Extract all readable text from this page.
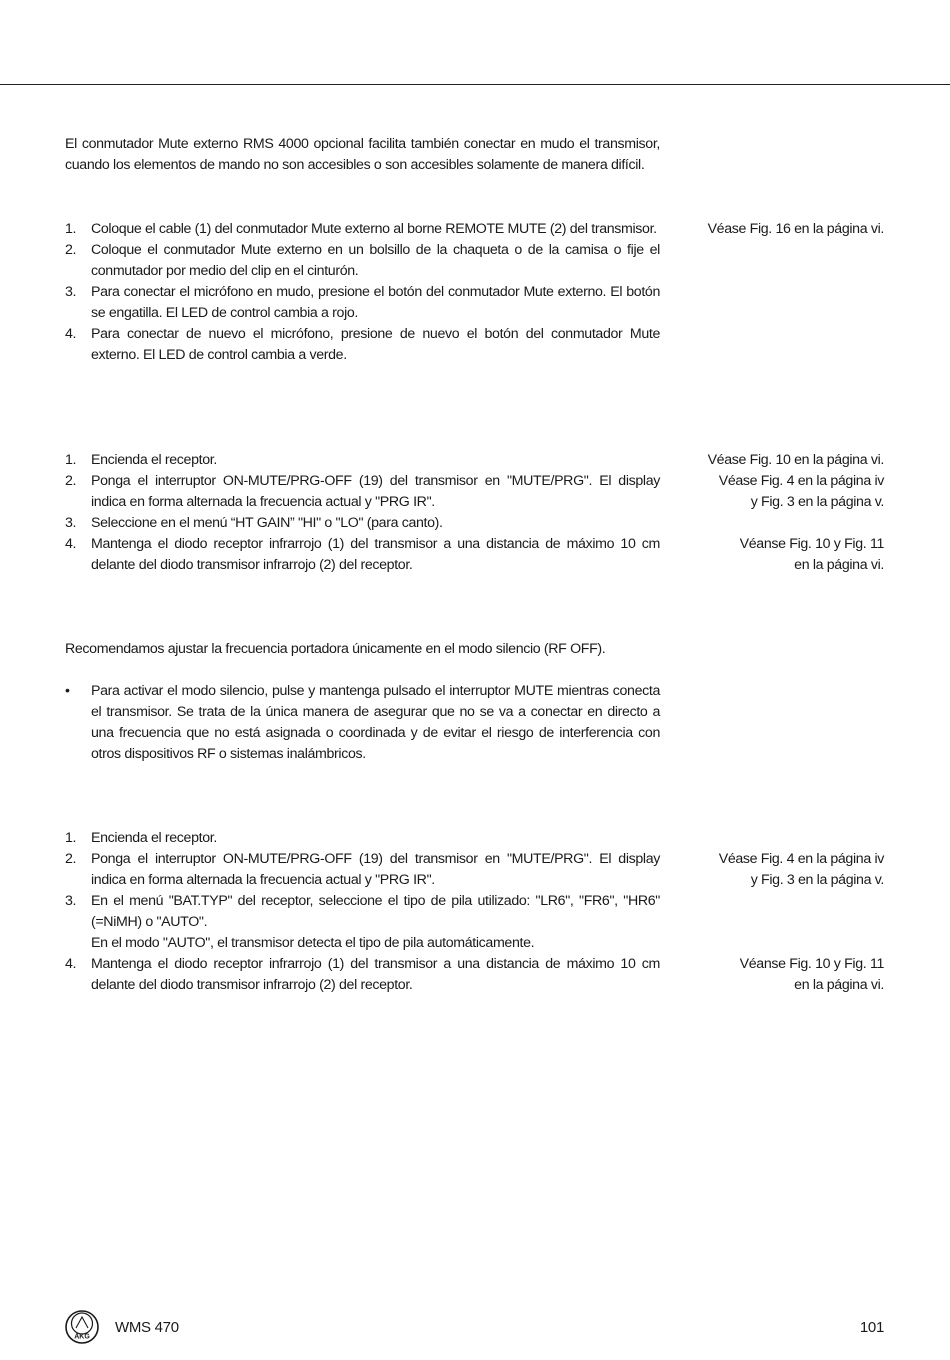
El conmutador Mute externo RMS 4000 opcional facilita también conectar en mudo el transmisor, cuando los elementos de mando no son accesibles o son accesibles solamente de manera difícil.

1. Coloque el cable (1) del conmutador Mute externo al borne REMOTE MUTE (2) del transmisor.
2. Coloque el conmutador Mute externo en un bolsillo de la chaqueta o de la camisa o fije el conmutador por medio del clip en el cinturón.
3. Para conectar el micrófono en mudo, presione el botón del conmutador Mute externo. El botón se engatilla. El LED de control cambia a rojo.
4. Para conectar de nuevo el micrófono, presione de nuevo el botón del conmutador Mute externo. El LED de control cambia a verde.
Véase Fig. 16 en la página vi.
1. Encienda el receptor.
2. Ponga el interruptor ON-MUTE/PRG-OFF (19) del transmisor en "MUTE/PRG". El display indica en forma alternada la frecuencia actual y "PRG IR".
3. Seleccione en el menú “HT GAIN” "HI" o "LO" (para canto).
4. Mantenga el diodo receptor infrarrojo (1) del transmisor a una distancia de máximo 10 cm delante del diodo transmisor infrarrojo (2) del receptor.
Véase Fig. 10 en la página vi.
Véase Fig. 4 en la página iv
y Fig. 3 en la página v.
Véanse Fig. 10 y Fig. 11
en la página vi.

Recomendamos ajustar la frecuencia portadora únicamente en el modo silencio (RF OFF).

• Para activar el modo silencio, pulse y mantenga pulsado el interruptor MUTE mientras conecta el transmisor. Se trata de la única manera de asegurar que no se va a conectar en directo a una frecuencia que no está asignada o coordinada y de evitar el riesgo de interferencia con otros dispositivos RF o sistemas inalámbricos.
1. Encienda el receptor.
2. Ponga el interruptor ON-MUTE/PRG-OFF (19) del transmisor en "MUTE/PRG". El display indica en forma alternada la frecuencia actual y "PRG IR".
3. En el menú "BAT.TYP" del receptor, seleccione el tipo de pila utilizado: "LR6", "FR6", "HR6" (=NiMH) o "AUTO".
En el modo "AUTO", el transmisor detecta el tipo de pila automáticamente.
4. Mantenga el diodo receptor infrarrojo (1) del transmisor a una distancia de máximo 10 cm delante del diodo transmisor infrarrojo (2) del receptor.
Véase Fig. 4 en la página iv
y Fig. 3 en la página v.
Véanse Fig. 10 y Fig. 11
en la página vi.
AKG
WMS 470	101
